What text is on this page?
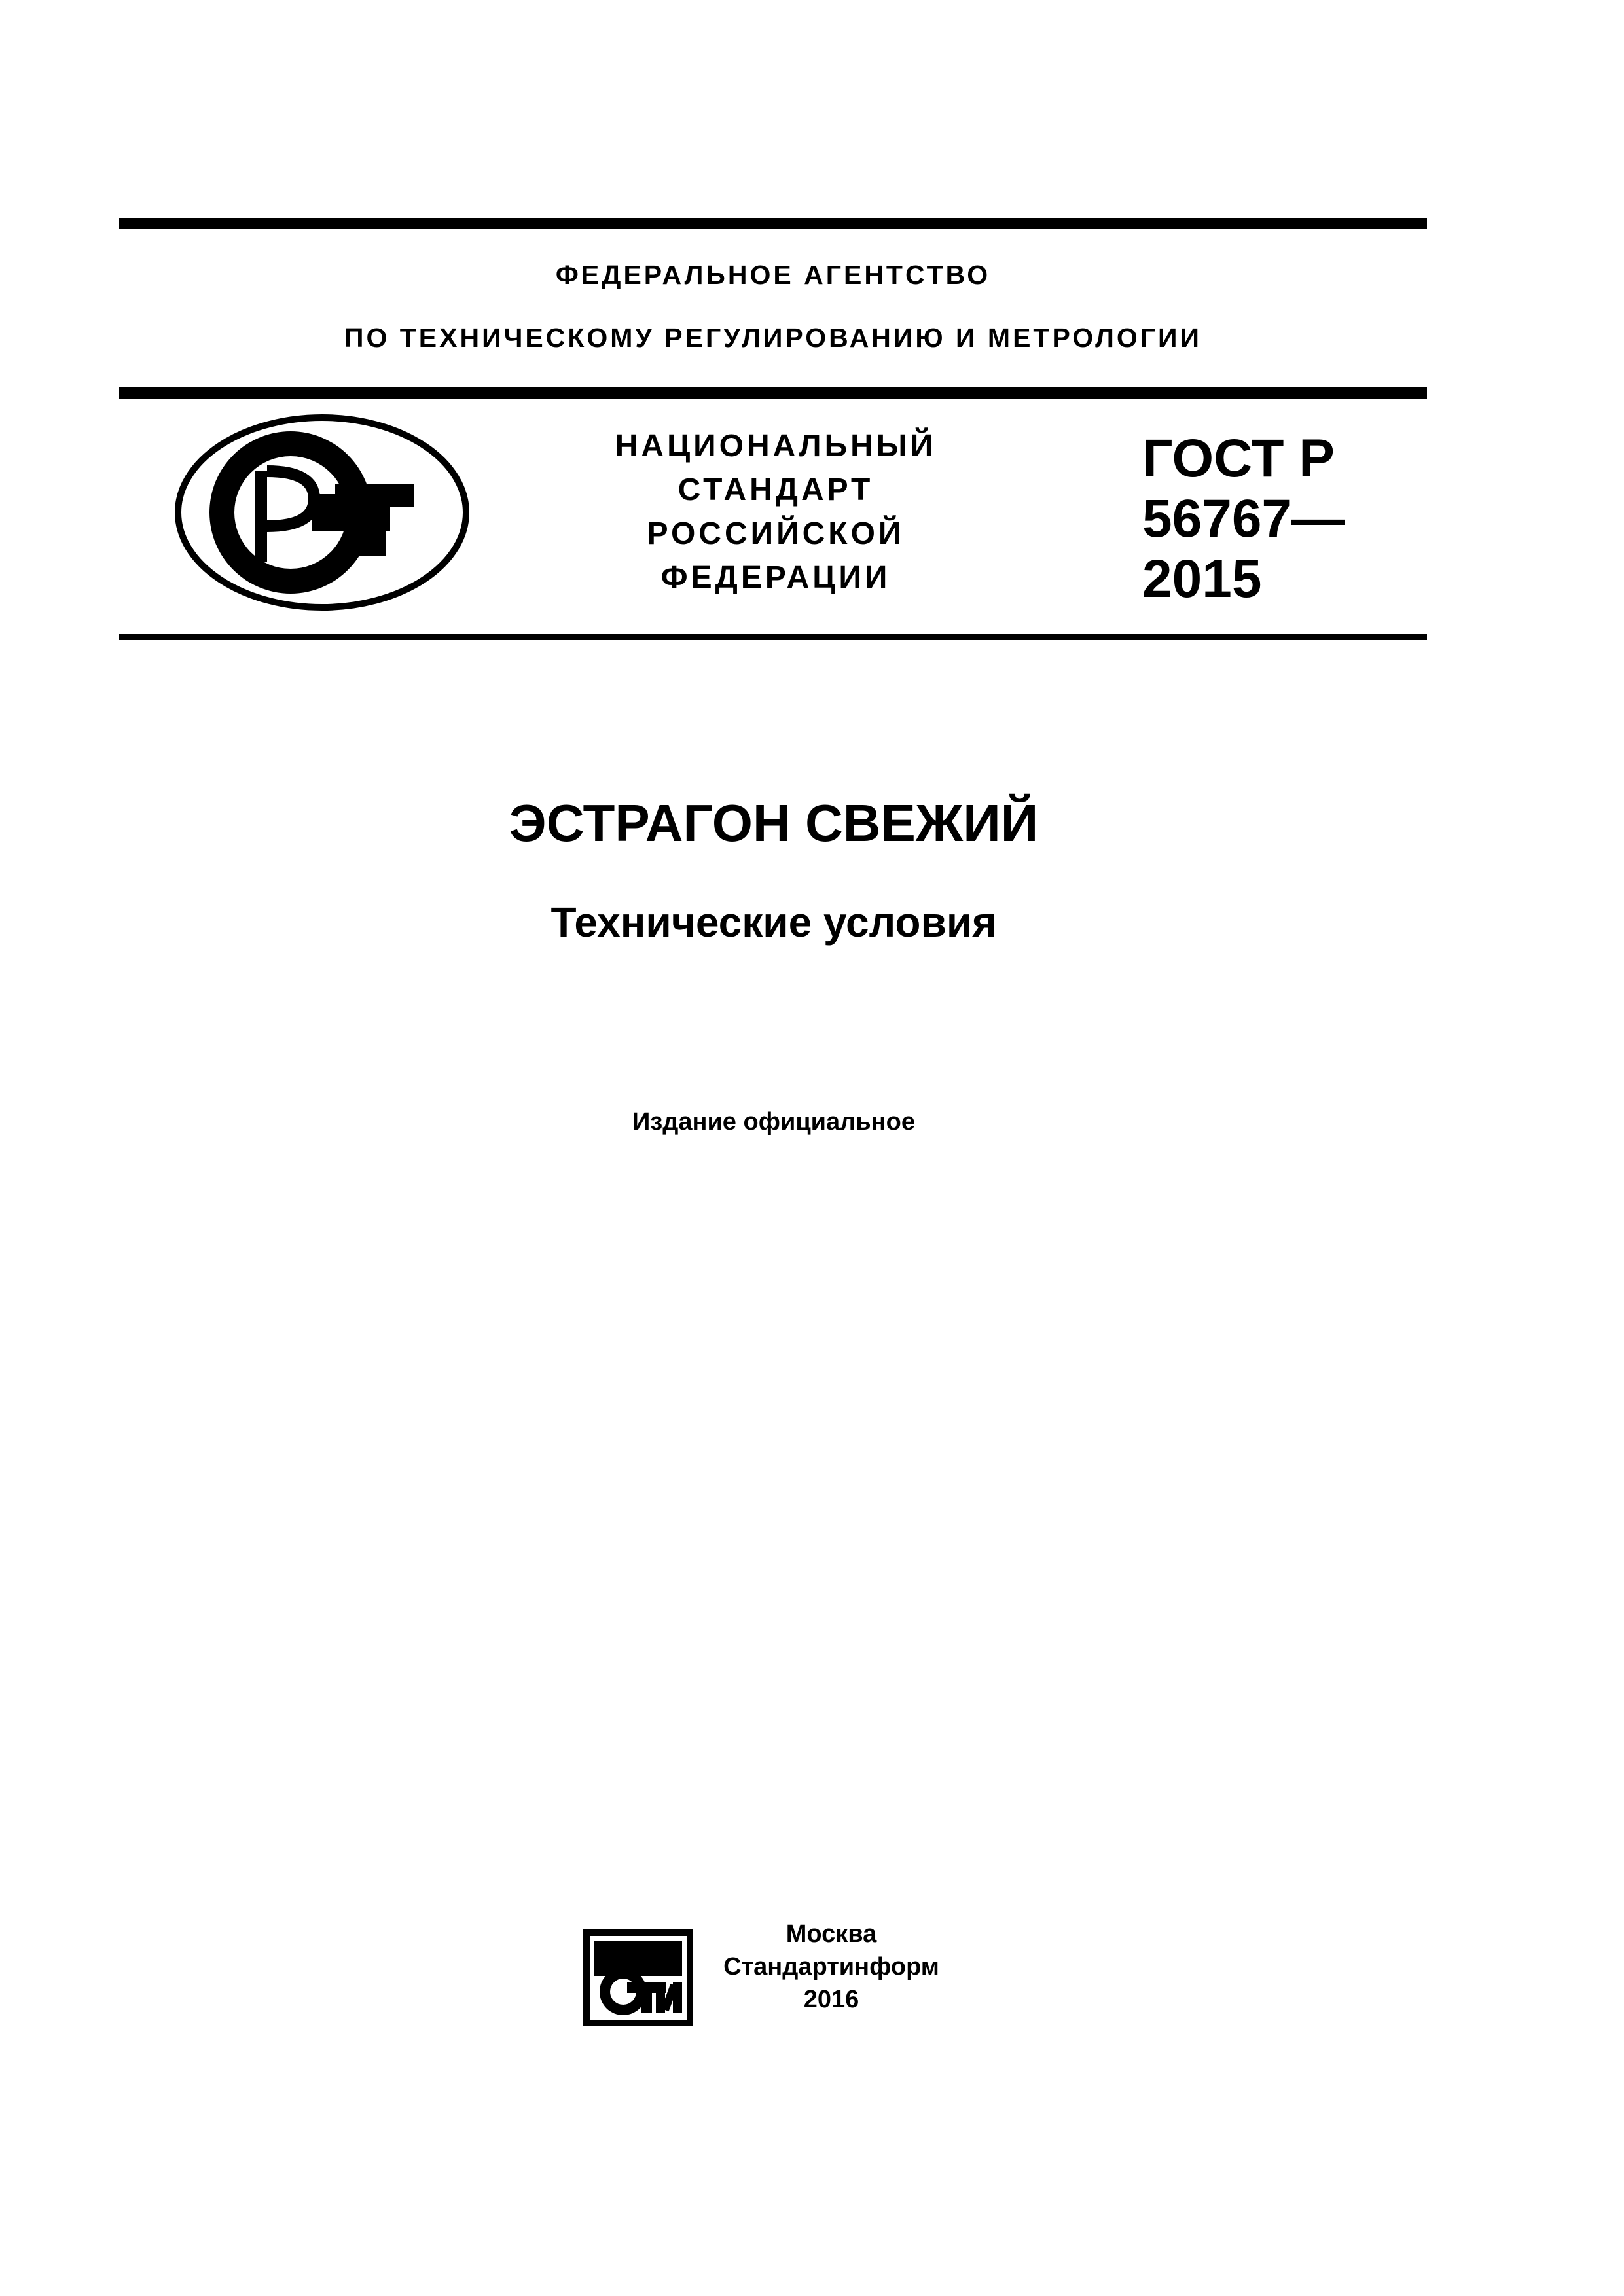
ФЕДЕРАЛЬНОЕ АГЕНТСТВО
ПО ТЕХНИЧЕСКОМУ РЕГУЛИРОВАНИЮ И МЕТРОЛОГИИ
НАЦИОНАЛЬНЫЙ
СТАНДАРТ
РОССИЙСКОЙ
ФЕДЕРАЦИИ
ГОСТ Р
56767—
2015
ЭСТРАГОН СВЕЖИЙ
Технические условия
Издание официальное
Москва
Стандартинформ
2016
